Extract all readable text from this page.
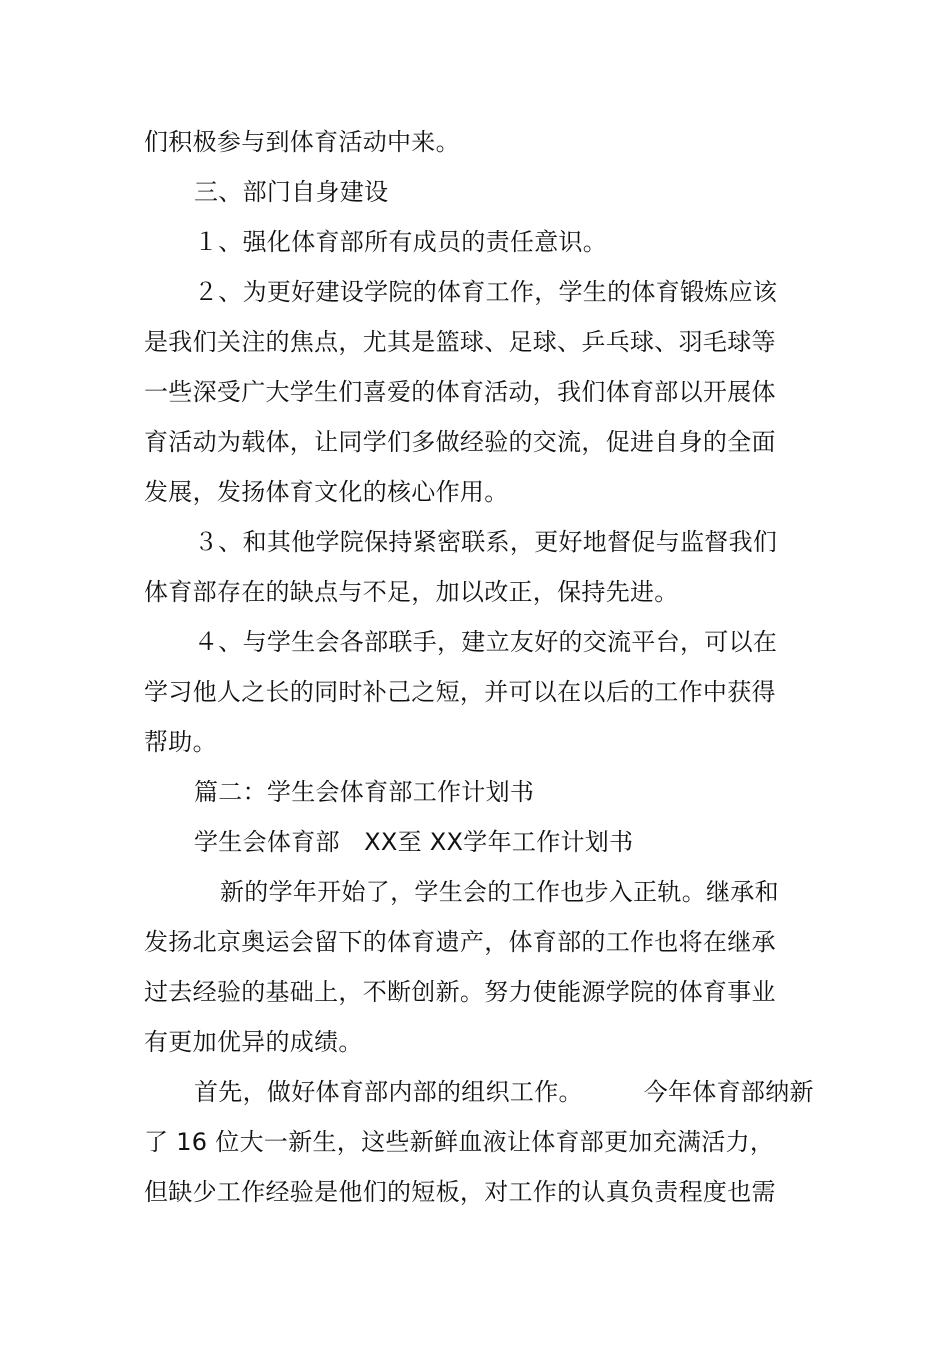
们积极参与到体育活动中来。
三、部门自身建设
１、强化体育部所有成员的责任意识。
２、为更好建设学院的体育工作，学生的体育锻炼应该
是我们关注的焦点，尤其是篮球、足球、乒乓球、羽毛球等
一些深受广大学生们喜爱的体育活动，我们体育部以开展体
育活动为载体，让同学们多做经验的交流，促进自身的全面
发展，发扬体育文化的核心作用。
３、和其他学院保持紧密联系，更好地督促与监督我们
体育部存在的缺点与不足，加以改正，保持先进。
４、与学生会各部联手，建立友好的交流平台，可以在
学习他人之长的同时补己之短，并可以在以后的工作中获得
帮助。
篇二：学生会体育部工作计划书
学生会体育部　XX至 XX学年工作计划书
新的学年开始了，学生会的工作也步入正轨。继承和
发扬北京奥运会留下的体育遗产，体育部的工作也将在继承
过去经验的基础上，不断创新。努力使能源学院的体育事业
有更加优异的成绩。
首先，做好体育部内部的组织工作。　　　今年体育部纳新
了 16 位大一新生，这些新鲜血液让体育部更加充满活力，
但缺少工作经验是他们的短板，对工作的认真负责程度也需
